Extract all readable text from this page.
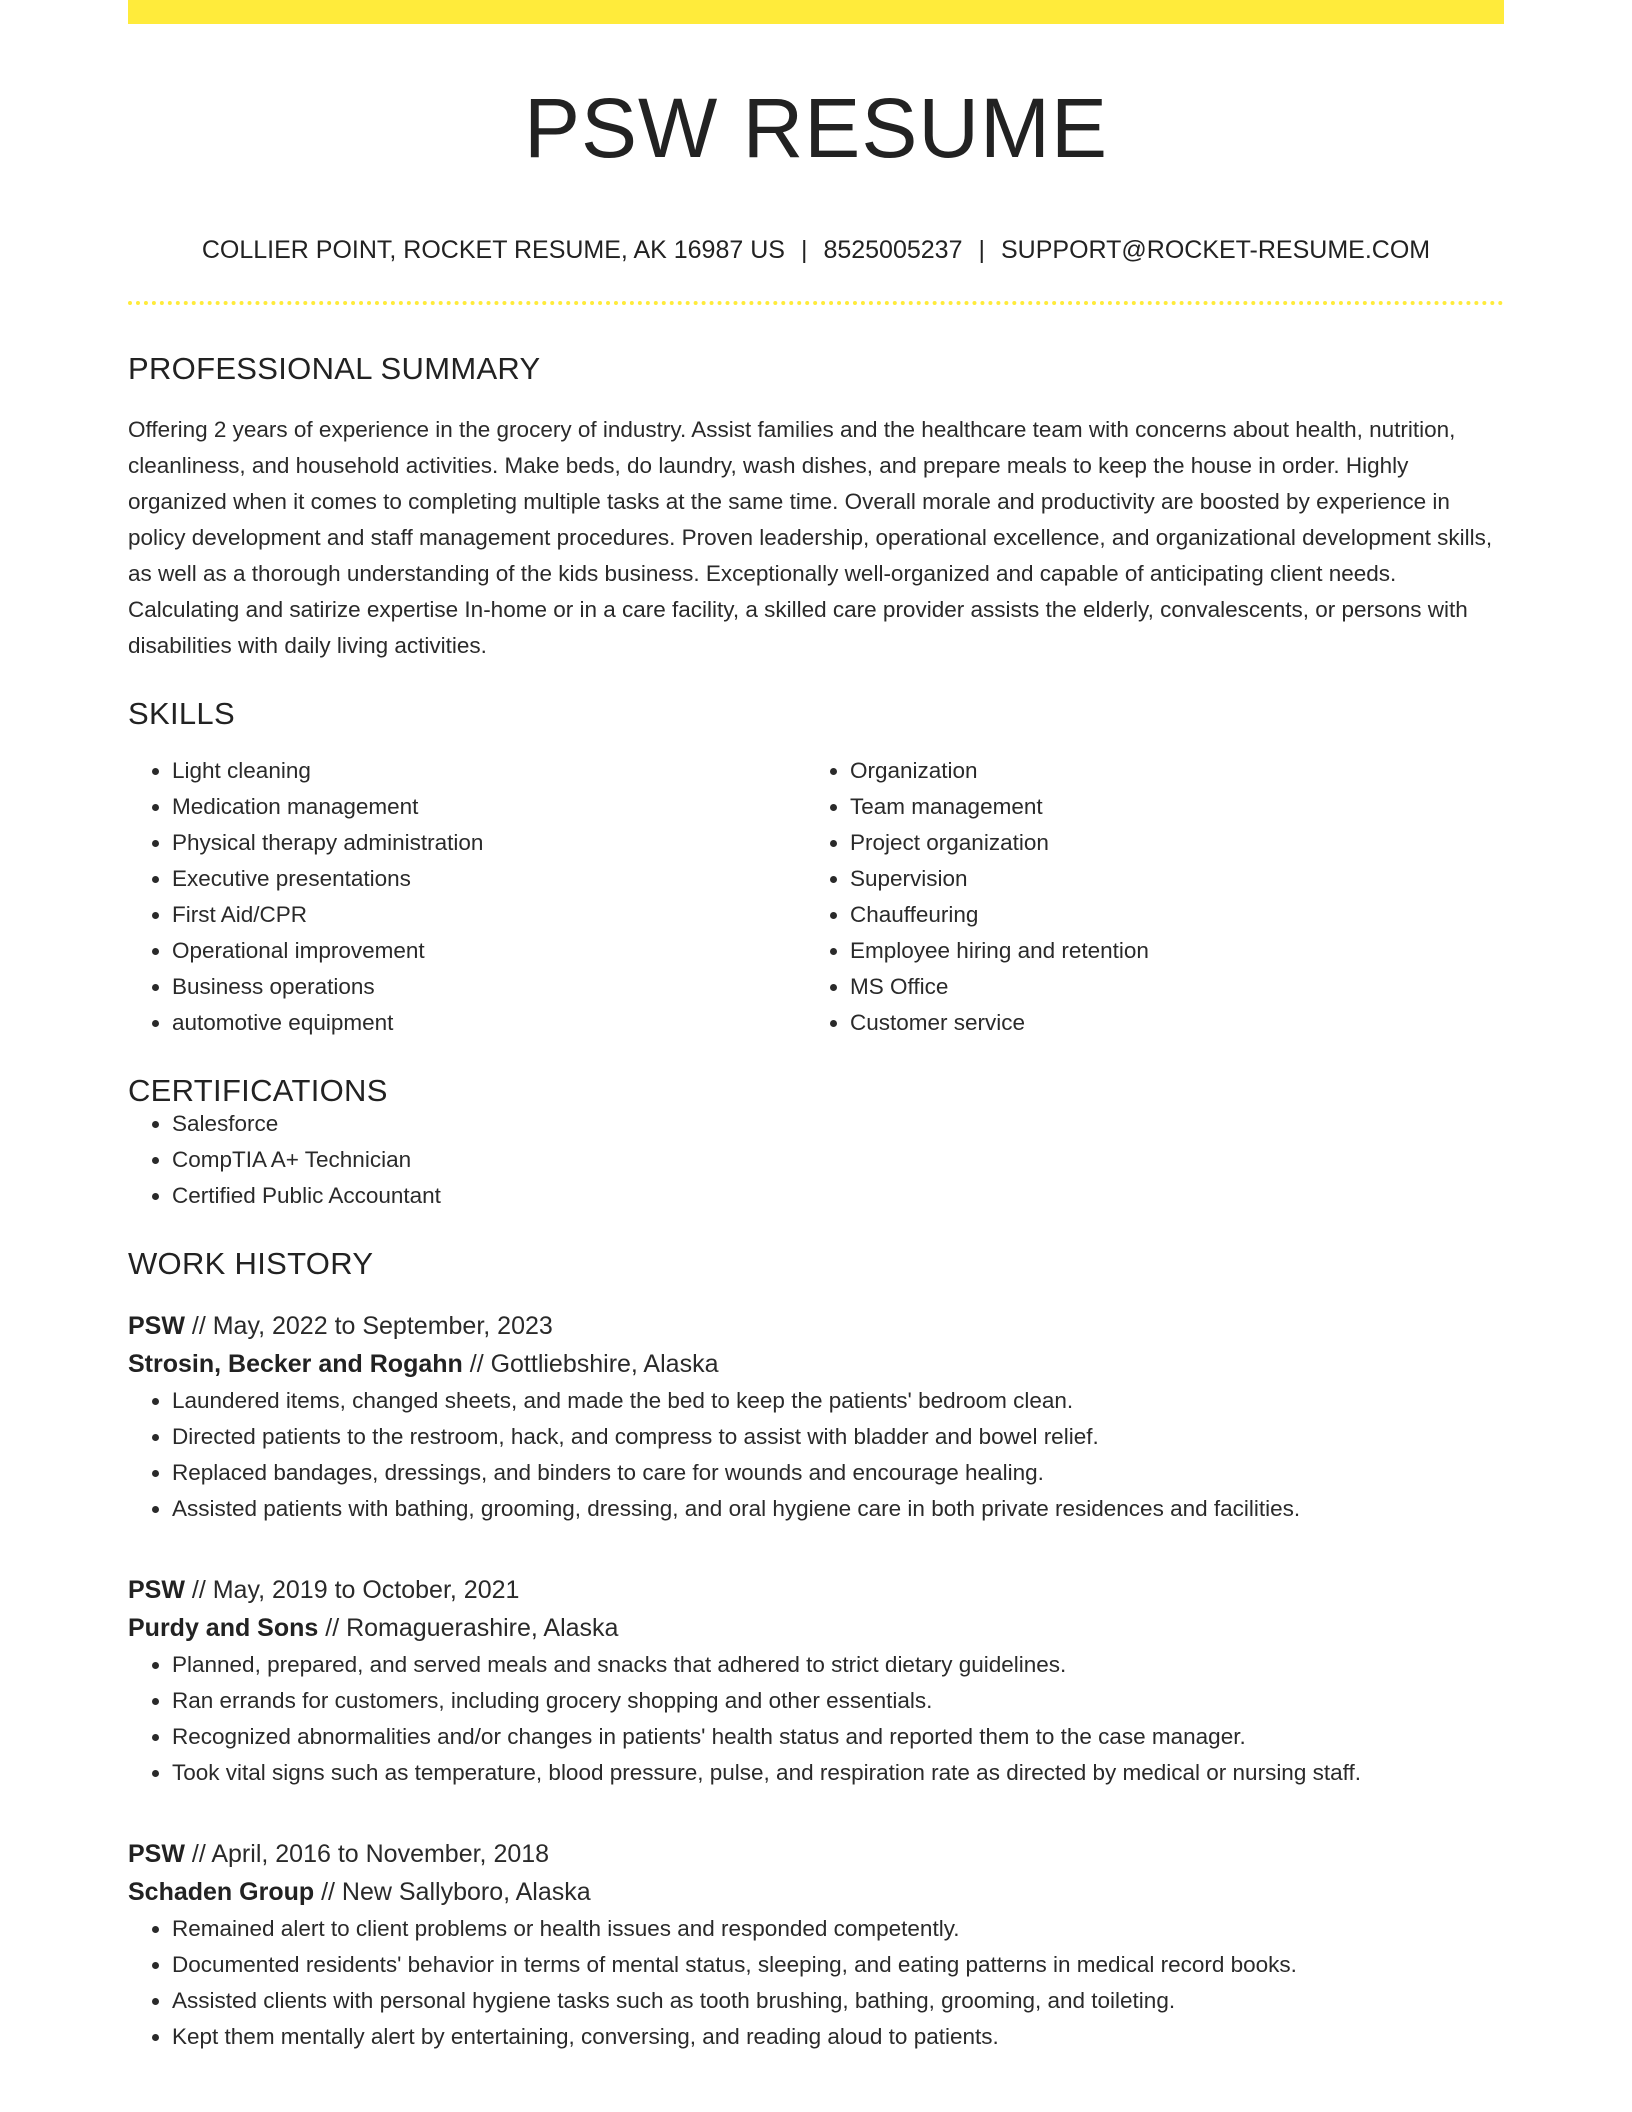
PSW RESUME
COLLIER POINT, ROCKET RESUME, AK 16987 US | 8525005237 | SUPPORT@ROCKET-RESUME.COM
PROFESSIONAL SUMMARY

Offering 2 years of experience in the grocery of industry. Assist families and the healthcare team with concerns about health, nutrition, cleanliness, and household activities. Make beds, do laundry, wash dishes, and prepare meals to keep the house in order. Highly organized when it comes to completing multiple tasks at the same time. Overall morale and productivity are boosted by experience in policy development and staff management procedures. Proven leadership, operational excellence, and organizational development skills, as well as a thorough understanding of the kids business. Exceptionally well-organized and capable of anticipating client needs. Calculating and satirize expertise In-home or in a care facility, a skilled care provider assists the elderly, convalescents, or persons with disabilities with daily living activities.

SKILLS
• Light cleaning
• Medication management
• Physical therapy administration
• Executive presentations
• First Aid/CPR
• Operational improvement
• Business operations
• automotive equipment
• Organization
• Team management
• Project organization
• Supervision
• Chauffeuring
• Employee hiring and retention
• MS Office
• Customer service
CERTIFICATIONS
• Salesforce
• CompTIA A+ Technician
• Certified Public Accountant
WORK HISTORY
PSW // May, 2022 to September, 2023
Strosin, Becker and Rogahn // Gottliebshire, Alaska
• Laundered items, changed sheets, and made the bed to keep the patients' bedroom clean.
• Directed patients to the restroom, hack, and compress to assist with bladder and bowel relief.
• Replaced bandages, dressings, and binders to care for wounds and encourage healing.
• Assisted patients with bathing, grooming, dressing, and oral hygiene care in both private residences and facilities.
PSW // May, 2019 to October, 2021
Purdy and Sons // Romaguerashire, Alaska
• Planned, prepared, and served meals and snacks that adhered to strict dietary guidelines.
• Ran errands for customers, including grocery shopping and other essentials.
• Recognized abnormalities and/or changes in patients' health status and reported them to the case manager.
• Took vital signs such as temperature, blood pressure, pulse, and respiration rate as directed by medical or nursing staff.
PSW // April, 2016 to November, 2018
Schaden Group // New Sallyboro, Alaska
• Remained alert to client problems or health issues and responded competently.
• Documented residents' behavior in terms of mental status, sleeping, and eating patterns in medical record books.
• Assisted clients with personal hygiene tasks such as tooth brushing, bathing, grooming, and toileting.
• Kept them mentally alert by entertaining, conversing, and reading aloud to patients.
